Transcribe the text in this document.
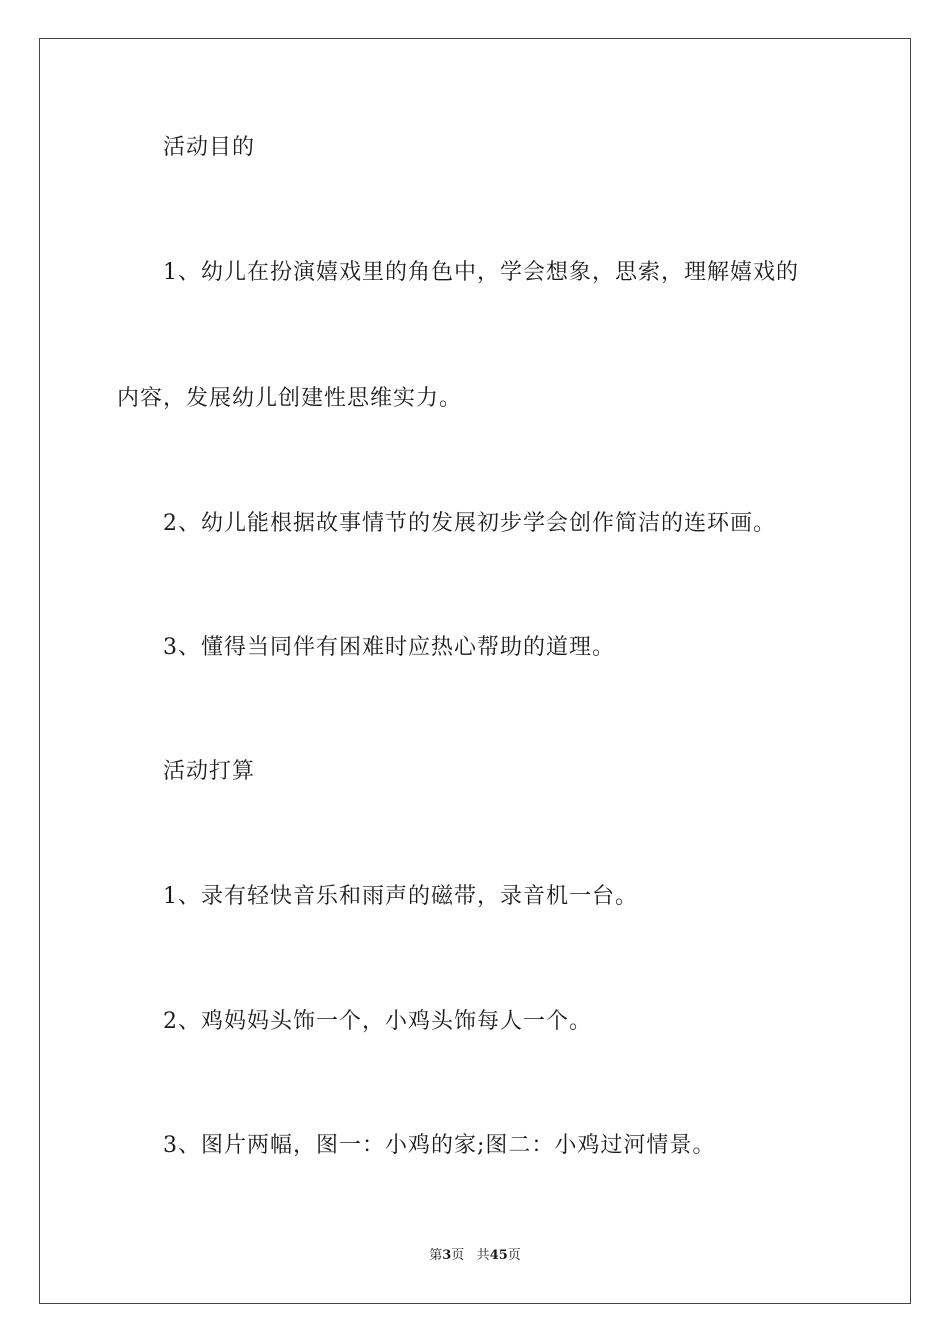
活动目的
1、幼儿在扮演嬉戏里的角色中，学会想象，思索，理解嬉戏的
内容，发展幼儿创建性思维实力。
2、幼儿能根据故事情节的发展初步学会创作简洁的连环画。
3、懂得当同伴有困难时应热心帮助的道理。
活动打算
1、录有轻快音乐和雨声的磁带，录音机一台。
2、鸡妈妈头饰一个，小鸡头饰每人一个。
3、图片两幅，图一：小鸡的家;图二：小鸡过河情景。
第3页 共45页
